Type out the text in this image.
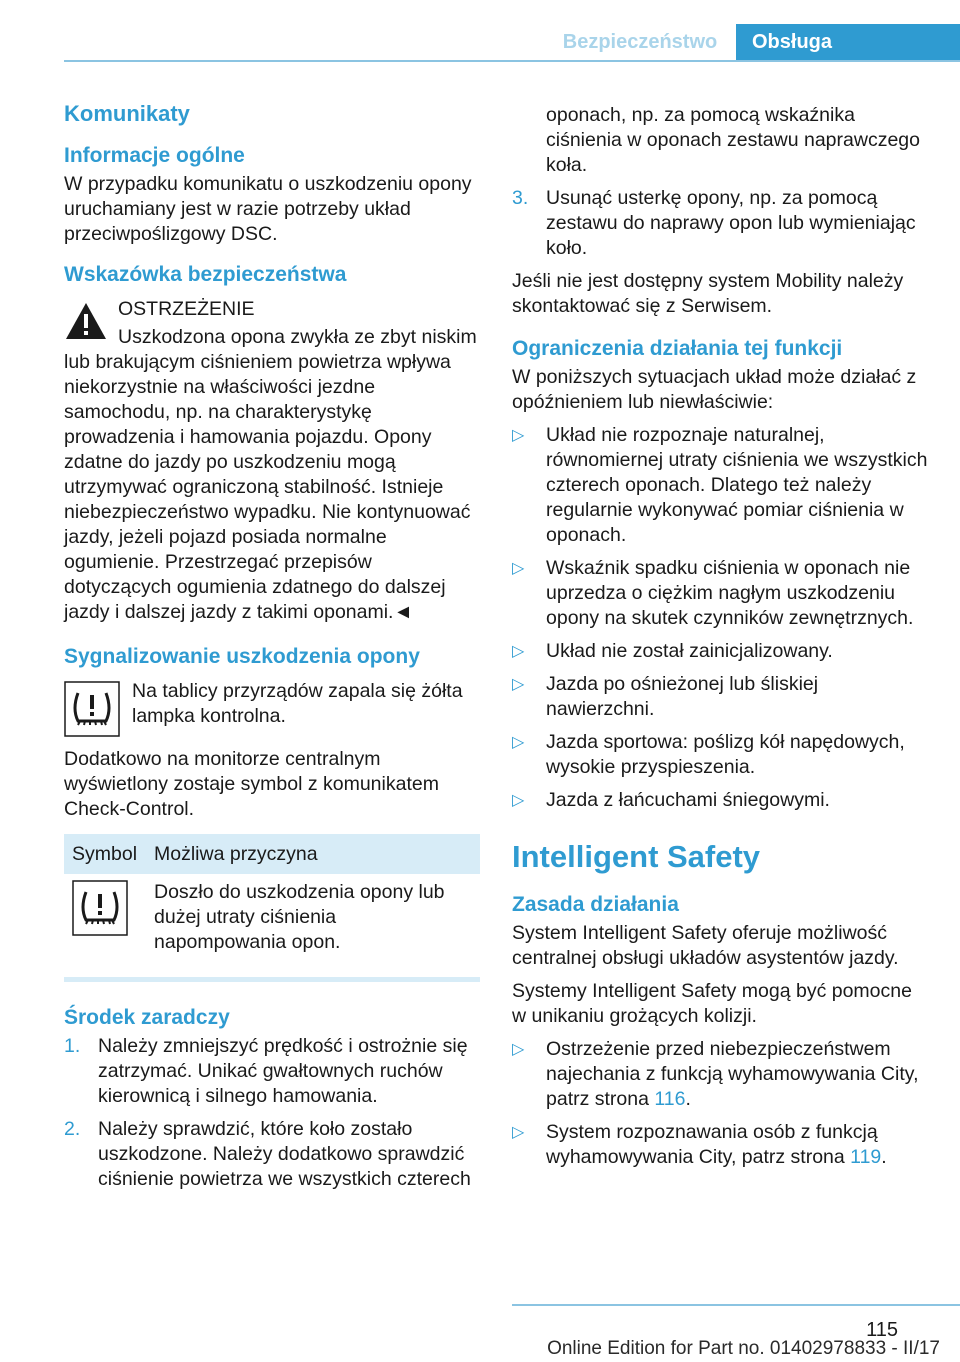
Bezpieczeństwo	Obsługa
Komunikaty
Informacje ogólne

W przypadku komunikatu o uszkodzeniu opony uruchamiany jest w razie potrzeby układ przeciwpoślizgowy DSC.

Wskazówka bezpieczeństwa
OSTRZEŻENIE

Uszkodzona opona zwykła ze zbyt niskim lub brakującym ciśnieniem powietrza wpływa niekorzystnie na właściwości jezdne samochodu, np. na charakterystykę prowadzenia i hamowania pojazdu. Opony zdatne do jazdy po uszkodzeniu mogą utrzymywać ograniczoną stabilność. Istnieje niebezpieczeństwo wypadku. Nie kontynuować jazdy, jeżeli pojazd posiada normalne ogumienie. Przestrzegać przepisów dotyczących ogumienia zdatnego do dalszej jazdy i dalszej jazdy z takimi oponami.◄

Sygnalizowanie uszkodzenia opony
Na tablicy przyrządów zapala się żółta lampka kontrolna.

Dodatkowo na monitorze centralnym wyświetlony zostaje symbol z komunikatem Check-Control.

Symbol	Możliwa przyczyna
	Doszło do uszkodzenia opony lub dużej utraty ciśnienia napompowania opon.
Środek zaradczy
1. Należy zmniejszyć prędkość i ostrożnie się zatrzymać. Unikać gwałtownych ruchów kierownicą i silnego hamowania.
2. Należy sprawdzić, które koło zostało uszkodzone. Należy dodatkowo sprawdzić ciśnienie powietrza we wszystkich czterech
oponach, np. za pomocą wskaźnika ciśnienia w oponach zestawu naprawczego koła.
3. Usunąć usterkę opony, np. za pomocą zestawu do naprawy opon lub wymieniając koło.

Jeśli nie jest dostępny system Mobility należy skontaktować się z Serwisem.

Ograniczenia działania tej funkcji

W poniższych sytuacjach układ może działać z opóźnieniem lub niewłaściwie:

▷ Układ nie rozpoznaje naturalnej, równomiernej utraty ciśnienia we wszystkich czterech oponach. Dlatego też należy regularnie wykonywać pomiar ciśnienia w oponach.
▷ Wskaźnik spadku ciśnienia w oponach nie uprzedza o ciężkim nagłym uszkodzeniu opony na skutek czynników zewnętrznych.
▷ Układ nie został zainicjalizowany.
▷ Jazda po ośnieżonej lub śliskiej nawierzchni.
▷ Jazda sportowa: poślizg kół napędowych, wysokie przyspieszenia.
▷ Jazda z łańcuchami śniegowymi.
Intelligent Safety
Zasada działania

System Intelligent Safety oferuje możliwość centralnej obsługi układów asystentów jazdy.

Systemy Intelligent Safety mogą być pomocne w unikaniu grożących kolizji.

▷ Ostrzeżenie przed niebezpieczeństwem najechania z funkcją wyhamowywania City, patrz strona 116.
▷ System rozpoznawania osób z funkcją wyhamowywania City, patrz strona 119.
115
Online Edition for Part no. 01402978833 - II/17
